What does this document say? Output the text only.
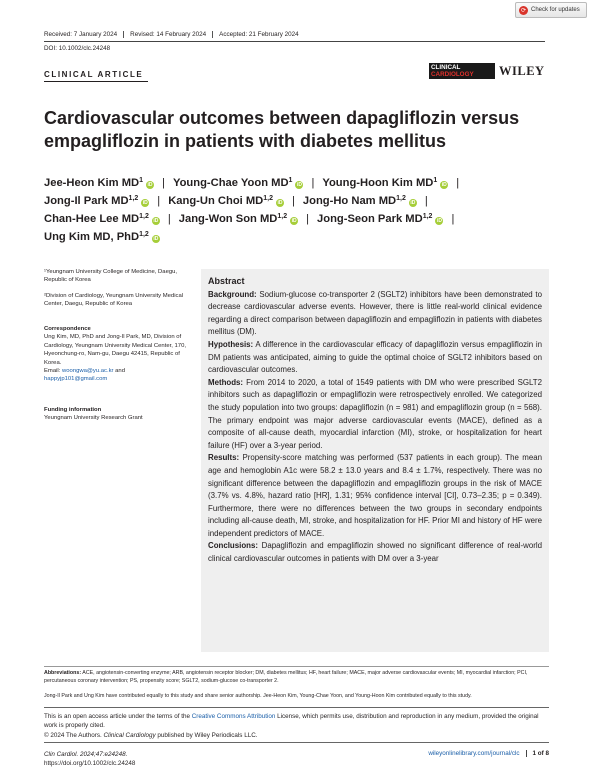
⟳ Check for updates
Received: 7 January 2024	Revised: 14 February 2024	Accepted: 21 February 2024
DOI: 10.1002/clc.24248
CLINICAL ARTICLE
CLINICAL
CARDIOLOGY	WILEY
Cardiovascular outcomes between dapagliflozin versus empagliflozin in patients with diabetes mellitus
Jee-Heon Kim $MD^1iD$ | Young-Chae Yoon $MD^1iD$ | Young-Hoon Kim $MD^1iD$ |
Jong-Il Park MD$^{1,2}$iD | Kang-Un Choi MD$^{1,2}$iD | Jong-Ho Nam MD$^{1,2}$iD |
Chan-Hee Lee MD$^{1,2}$iD | Jang-Won Son MD$^{1,2}$iD | Jong-Seon Park MD$^{1,2}$iD |
Ung Kim MD, PhD$^{1,2}$iD
¹Yeungnam University College of Medicine, Daegu, Republic of Korea
²Division of Cardiology, Yeungnam University Medical Center, Daegu, Republic of Korea
Correspondence
Ung Kim, MD, PhD and Jong-Il Park, MD, Division of Cardiology, Yeungnam University Medical Center, 170, Hyeonchung-ro, Nam-gu, Daegu 42415, Republic of Korea.
Email: woongwa@yu.ac.kr and
happyjp101@gmail.com
Funding information
Yeungnam University Research Grant
Abstract

Background: Sodium-glucose co-transporter 2 (SGLT2) inhibitors have been demonstrated to decrease cardiovascular adverse events. However, there is little real-world clinical evidence regarding a direct comparison between dapagliflozin and empagliflozin in patients with diabetes mellitus (DM).

Hypothesis: A difference in the cardiovascular efficacy of dapagliflozin versus empagliflozin in DM patients was anticipated, aiming to guide the optimal choice of SGLT2 inhibitors based on cardiovascular outcomes.

Methods: From 2014 to 2020, a total of 1549 patients with DM who were prescribed SGLT2 inhibitors such as dapagliflozin or empagliflozin were retrospectively enrolled. We categorized the study population into two groups: dapagliflozin (n = 981) and empagliflozin group (n = 568). The primary endpoint was major adverse cardiovascular events (MACE), defined as a composite of all-cause death, myocardial infarction (MI), stroke, or hospitalization for heart failure (HF) over a 3-year period.

Results: Propensity-score matching was performed (537 patients in each group). The mean age and hemoglobin A1c were 58.2 ± 13.0 years and 8.4 ± 1.7%, respectively. There was no significant difference between the dapagliflozin and empagliflozin groups in the risk of MACE (3.7% vs. 4.8%, hazard ratio [HR], 1.31; 95% confidence interval [CI], 0.73–2.35; p = 0.349). Furthermore, there were no differences between the two groups in secondary endpoints including all-cause death, MI, stroke, and hospitalization for HF. Prior MI and history of HF were independent predictors of MACE.

Conclusions: Dapagliflozin and empagliflozin showed no significant difference of real-world clinical cardiovascular outcomes in patients with DM over a 3-year

Abbreviations: ACE, angiotensin-converting enzyme; ARB, angiotensin receptor blocker; DM, diabetes mellitus; HF, heart failure; MACE, major adverse cardiovascular events; MI, myocardial infarction; PCI, percutaneous coronary intervention; PS, propensity score; SGLT2, sodium-glucose co-transporter 2.
Jong-Il Park and Ung Kim have contributed equally to this study and share senior authorship. Jee-Heon Kim, Young-Chae Yoon, and Young-Hoon Kim contributed equally to this study.
This is an open access article under the terms of the Creative Commons Attribution License, which permits use, distribution and reproduction in any medium, provided the original work is properly cited.
© 2024 The Authors. Clinical Cardiology published by Wiley Periodicals LLC.
Clin Cardiol. 2024;47:e24248.
https://doi.org/10.1002/clc.24248
wileyonlinelibrary.com/journal/clc	1 of 8
